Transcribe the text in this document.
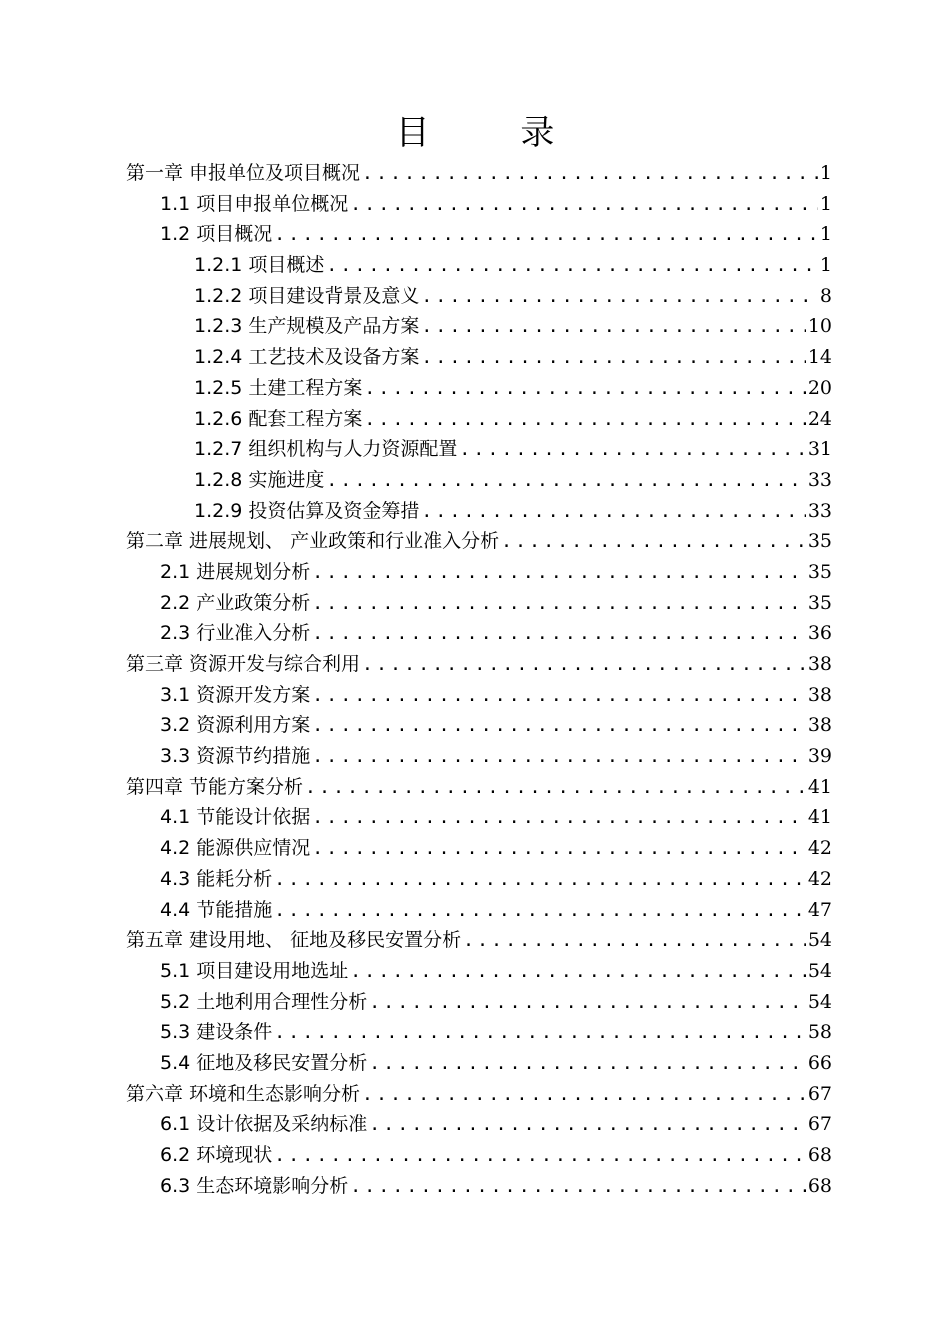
目 录
第一章 申报单位及项目概况 .....	1
1.1 项目申报单位概况 .....	1
1.2 项目概况 .....	1
1.2.1 项目概述 .....	1
1.2.2 项目建设背景及意义 .....	8
1.2.3 生产规模及产品方案 .....	10
1.2.4 工艺技术及设备方案 .....	14
1.2.5 土建工程方案 .....	20
1.2.6 配套工程方案 .....	24
1.2.7 组织机构与人力资源配置 .....	31
1.2.8 实施进度 .....	33
1.2.9 投资估算及资金筹措 .....	33
第二章 进展规划、 产业政策和行业准入分析 .....	35
2.1 进展规划分析 .....	35
2.2 产业政策分析 .....	35
2.3 行业准入分析 .....	36
第三章 资源开发与综合利用 .....	38
3.1 资源开发方案 .....	38
3.2 资源利用方案 .....	38
3.3 资源节约措施 .....	39
第四章 节能方案分析 .....	41
4.1 节能设计依据 .....	41
4.2 能源供应情况 .....	42
4.3 能耗分析 .....	42
4.4 节能措施 .....	47
第五章 建设用地、 征地及移民安置分析 .....	54
5.1 项目建设用地选址 .....	54
5.2 土地利用合理性分析 .....	54
5.3 建设条件 .....	58
5.4 征地及移民安置分析 .....	66
第六章 环境和生态影响分析 .....	67
6.1 设计依据及采纳标准 .....	67
6.2 环境现状 .....	68
6.3 生态环境影响分析 .....	68
